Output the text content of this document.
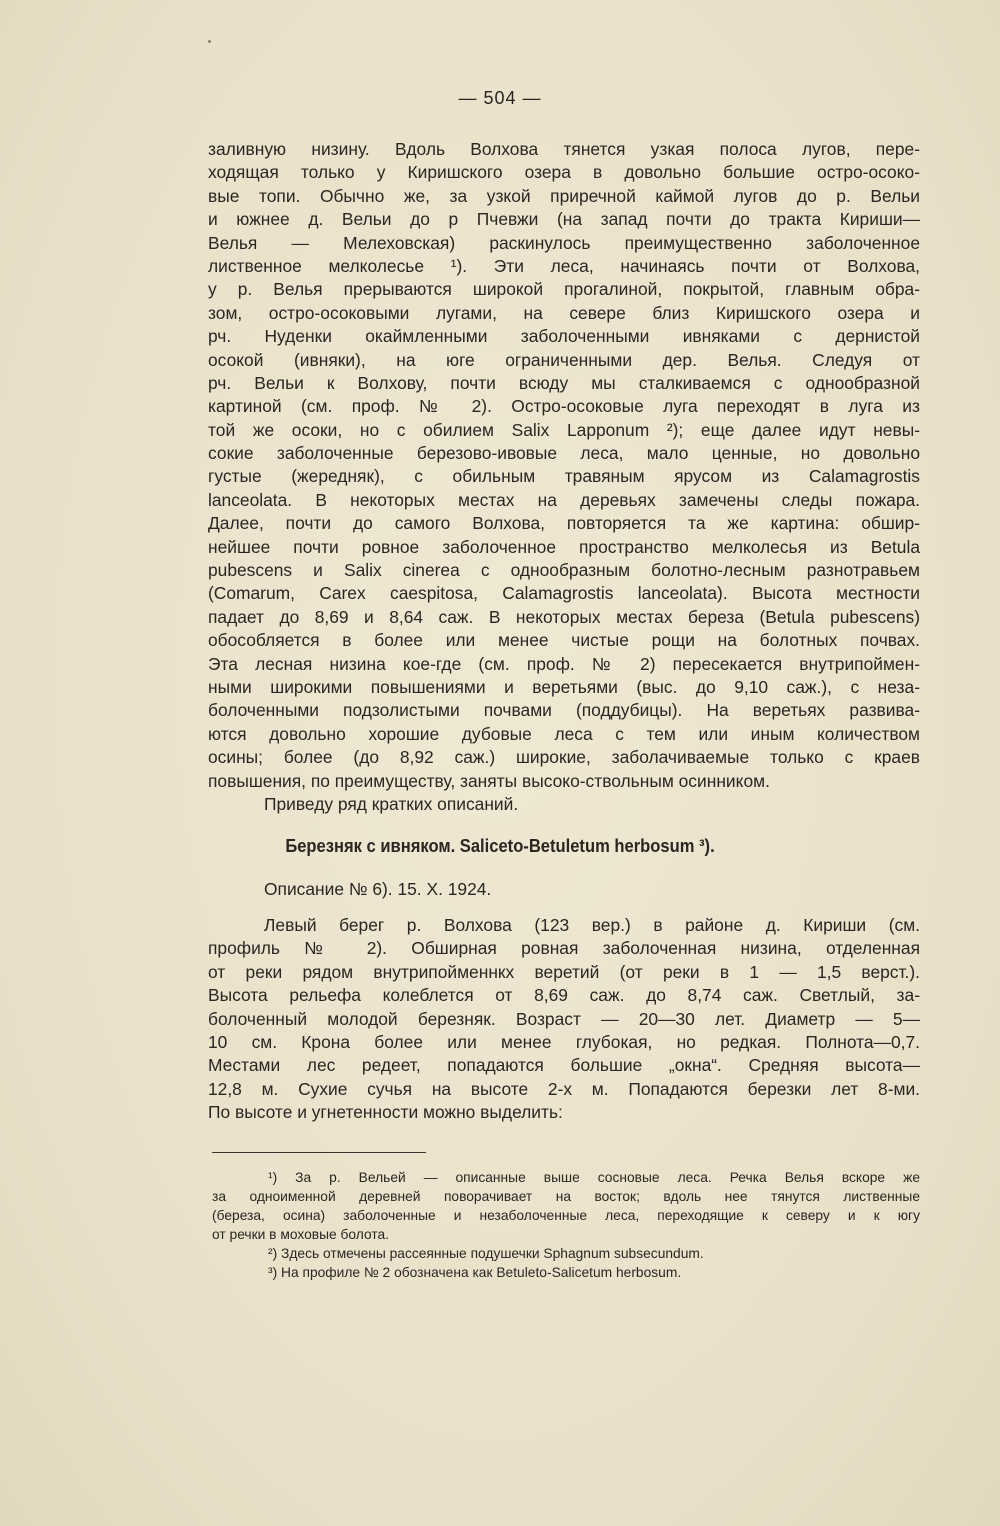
— 504 —
заливную низину. Вдоль Волхова тянется узкая полоса лугов, пере-
ходящая только у Киришского озера в довольно большие остро-осоко-
вые топи. Обычно же, за узкой приречной каймой лугов до р. Вельи
и южнее д. Вельи до р Пчевжи (на запад почти до тракта Кириши—
Велья — Мелеховская) раскинулось преимущественно заболоченное
лиственное мелколесье ¹). Эти леса, начинаясь почти от Волхова,
у р. Велья прерываются широкой прогалиной, покрытой, главным обра-
зом, остро-осоковыми лугами, на севере близ Киришского озера и
рч. Нуденки окаймленными заболоченными ивняками с дернистой
осокой (ивняки), на юге ограниченными дер. Велья. Следуя от
рч. Вельи к Волхову, почти всюду мы сталкиваемся с однообразной
картиной (см. проф. № 2). Остро-осоковые луга переходят в луга из
той же осоки, но с обилием Salix Lapponum ²); еще далее идут невы-
сокие заболоченные березово-ивовые леса, мало ценные, но довольно
густые (жередняк), с обильным травяным ярусом из Calamagrostis
lanceolata. В некоторых местах на деревьях замечены следы пожара.
Далее, почти до самого Волхова, повторяется та же картина: обшир-
нейшее почти ровное заболоченное пространство мелколесья из Betula
pubescens и Salix cinerea с однообразным болотно-лесным разнотравьем
(Comarum, Carex caespitosa, Calamagrostis lanceolata). Высота местности
падает до 8,69 и 8,64 саж. В некоторых местах береза (Betula pubescens)
обособляется в более или менее чистые рощи на болотных почвах.
Эта лесная низина кое-где (см. проф. № 2) пересекается внутрипоймен-
ными широкими повышениями и веретьями (выс. до 9,10 саж.), с неза-
болоченными подзолистыми почвами (поддубицы). На веретьях развива-
ются довольно хорошие дубовые леса с тем или иным количеством
осины; более (до 8,92 саж.) широкие, заболачиваемые только с краев
повышения, по преимуществу, заняты высоко-ствольным осинником.
Приведу ряд кратких описаний.
Березняк с ивняком. Saliceto-Betuletum herbosum ³).
Описание № 6). 15. X. 1924.
Левый берег р. Волхова (123 вер.) в районе д. Кириши (см.
профиль № 2). Обширная ровная заболоченная низина, отделенная
от реки рядом внутрипойменнкх веретий (от реки в 1 — 1,5 верст.).
Высота рельефа колеблется от 8,69 саж. до 8,74 саж. Светлый, за-
болоченный молодой березняк. Возраст — 20—30 лет. Диаметр — 5—
10 см. Крона более или менее глубокая, но редкая. Полнота—0,7.
Местами лес редеет, попадаются большие „окна“. Средняя высота—
12,8 м. Сухие сучья на высоте 2-х м. Попадаются березки лет 8-ми.
По высоте и угнетенности можно выделить:
¹) За р. Вельей — описанные выше сосновые леса. Речка Велья вскоре же
за одноименной деревней поворачивает на восток; вдоль нее тянутся лиственные
(береза, осина) заболоченные и незаболоченные леса, переходящие к северу и к югу
от речки в моховые болота.
²) Здесь отмечены рассеянные подушечки Sphagnum subsecundum.
³) На профиле № 2 обозначена как Betuleto-Salicetum herbosum.
